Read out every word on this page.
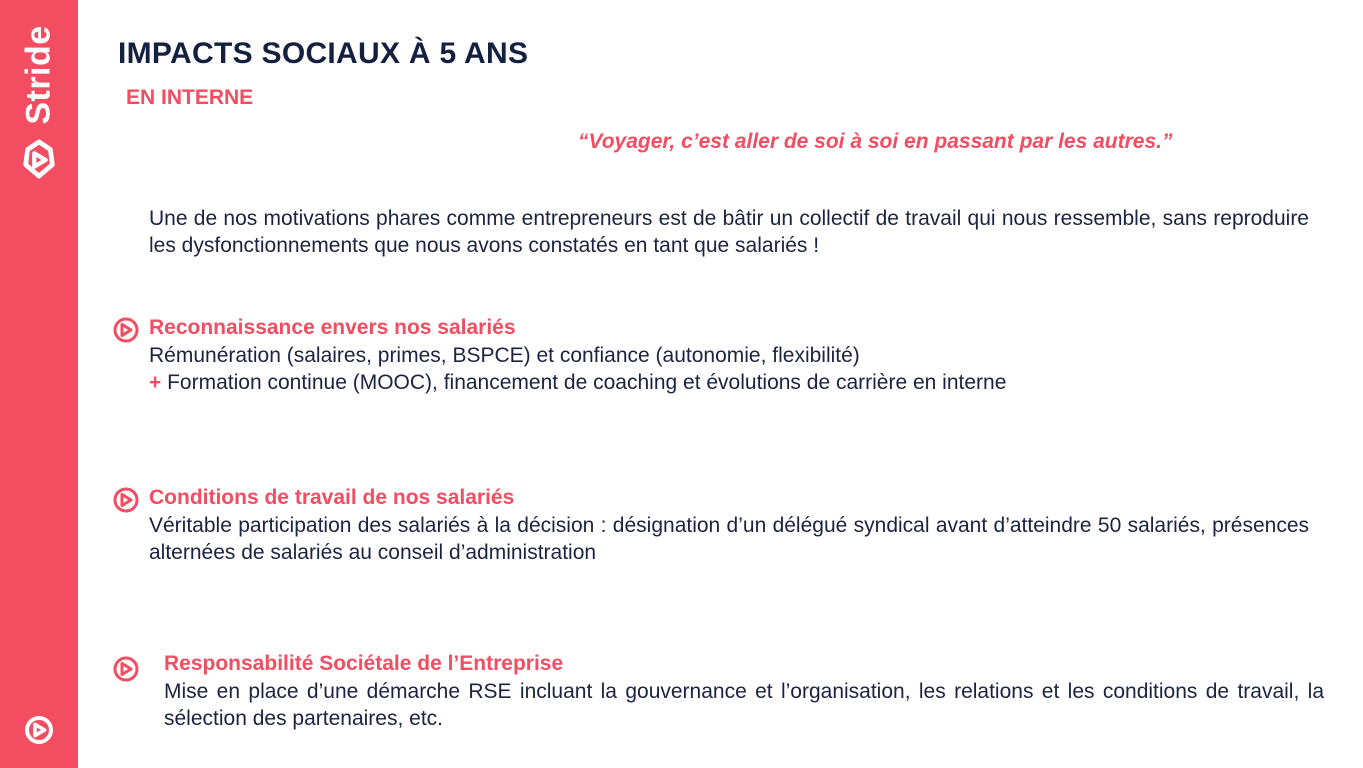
Stride IMPACTS SOCIAUX À 5 ANS
EN INTERNE

“Voyager, c’est aller de soi à soi en passant par les autres.”

Une de nos motivations phares comme entrepreneurs est de bâtir un collectif de travail qui nous ressemble, sans reproduire les dysfonctionnements que nous avons constatés en tant que salariés !

Reconnaissance envers nos salariés

Rémunération (salaires, primes, BSPCE) et confiance (autonomie, flexibilité)

+ Formation continue (MOOC), financement de coaching et évolutions de carrière en interne

Conditions de travail de nos salariés

Véritable participation des salariés à la décision : désignation d’un délégué syndical avant d’atteindre 50 salariés, présences alternées de salariés au conseil d’administration

Responsabilité Sociétale de l’Entreprise

Mise en place d’une démarche RSE incluant la gouvernance et l’organisation, les relations et les conditions de travail, la sélection des partenaires, etc.
